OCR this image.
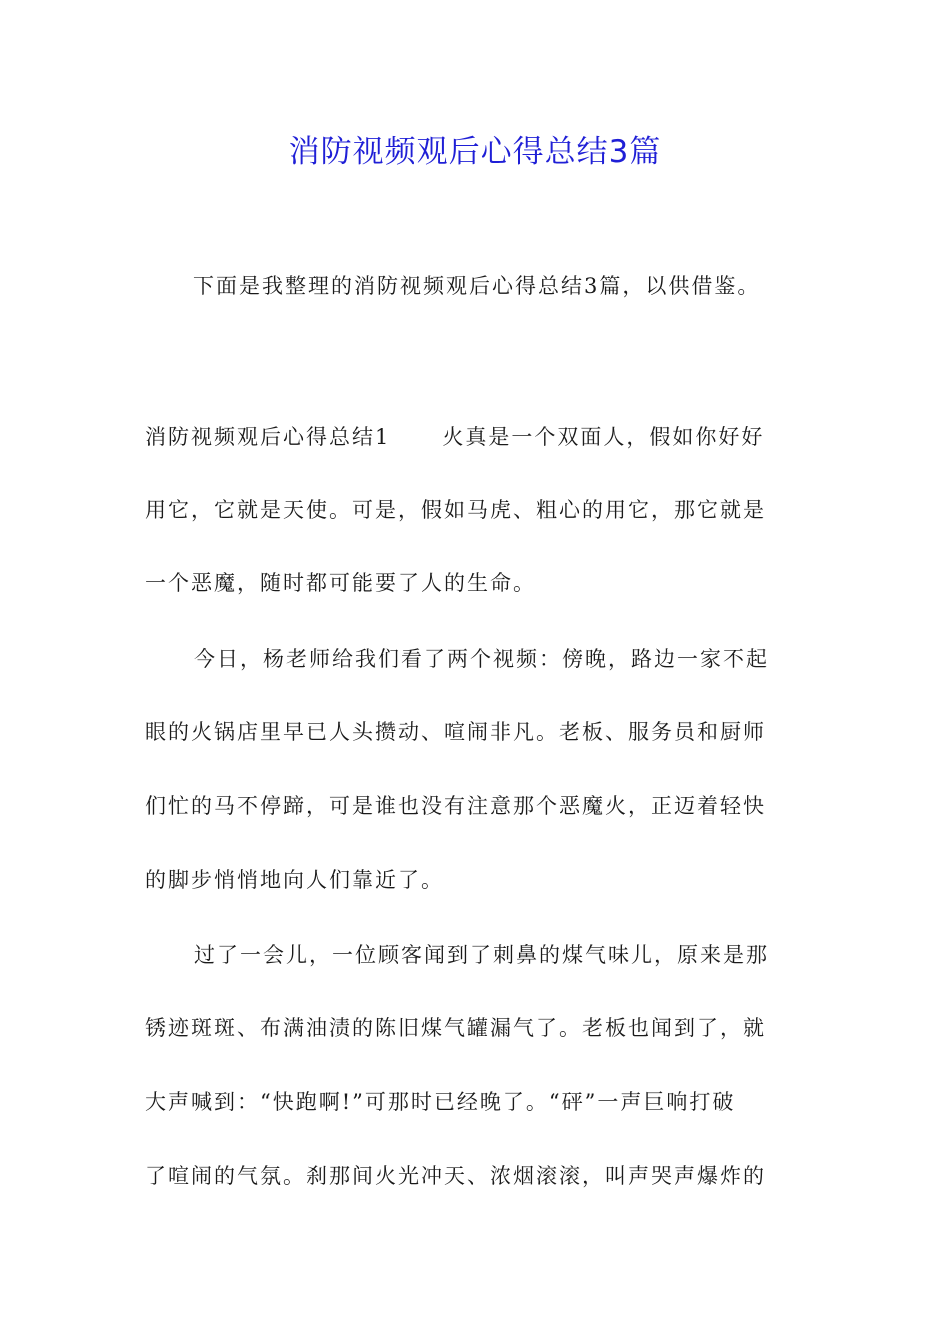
消防视频观后心得总结3篇
下面是我整理的消防视频观后心得总结3篇，以供借鉴。
消防视频观后心得总结1 火真是一个双面人，假如你好好
用它，它就是天使。可是，假如马虎、粗心的用它，那它就是
一个恶魔，随时都可能要了人的生命。
今日，杨老师给我们看了两个视频：傍晚，路边一家不起
眼的火锅店里早已人头攒动、喧闹非凡。老板、服务员和厨师
们忙的马不停蹄，可是谁也没有注意那个恶魔火，正迈着轻快
的脚步悄悄地向人们靠近了。
过了一会儿，一位顾客闻到了刺鼻的煤气味儿，原来是那
锈迹斑斑、布满油渍的陈旧煤气罐漏气了。老板也闻到了，就
大声喊到：“快跑啊!”可那时已经晚了。“砰”一声巨响打破
了喧闹的气氛。刹那间火光冲天、浓烟滚滚，叫声哭声爆炸的
